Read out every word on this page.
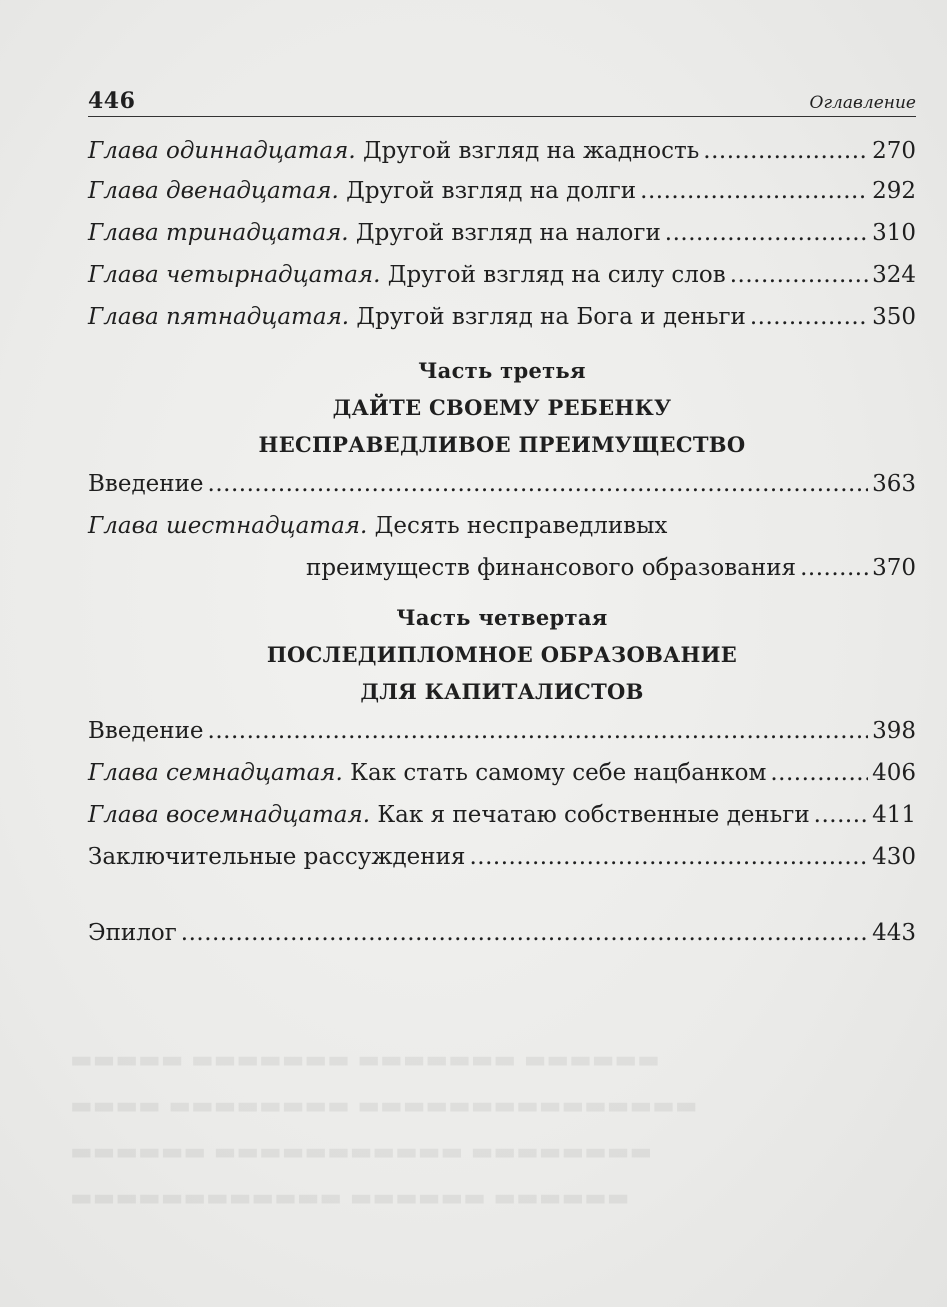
▬▬▬▬▬▬▬▬▬▬▬▬ ▬▬▬▬▬▬ ▬▬▬▬▬▬
▬▬▬▬▬▬ ▬▬▬▬▬▬▬▬▬▬▬ ▬▬▬▬▬▬▬▬
▬▬▬▬ ▬▬▬▬▬▬▬▬ ▬▬▬▬▬▬▬▬▬▬▬▬▬▬▬
▬▬▬▬▬ ▬▬▬▬▬▬▬ ▬▬▬▬▬▬▬ ▬▬▬▬▬▬
446	Оглавление
Глава одиннадцатая. Другой взгляд на жадность .....	270
Глава двенадцатая. Другой взгляд на долги .....	292
Глава тринадцатая. Другой взгляд на налоги .....	310
Глава четырнадцатая. Другой взгляд на силу слов .....	324
Глава пятнадцатая. Другой взгляд на Бога и деньги .....	350
Часть третья
ДАЙТЕ СВОЕМУ РЕБЕНКУ
НЕСПРАВЕДЛИВОЕ ПРЕИМУЩЕСТВО
Введение .....	363
Глава шестнадцатая. Десять несправедливых
преимуществ финансового образования .....	370
Часть четвертая
ПОСЛЕДИПЛОМНОЕ ОБРАЗОВАНИЕ
ДЛЯ КАПИТАЛИСТОВ
Введение .....	398
Глава семнадцатая. Как стать самому себе нацбанком .....	406
Глава восемнадцатая. Как я печатаю собственные деньги .....	411
Заключительные рассуждения .....	430
Эпилог .....	443
